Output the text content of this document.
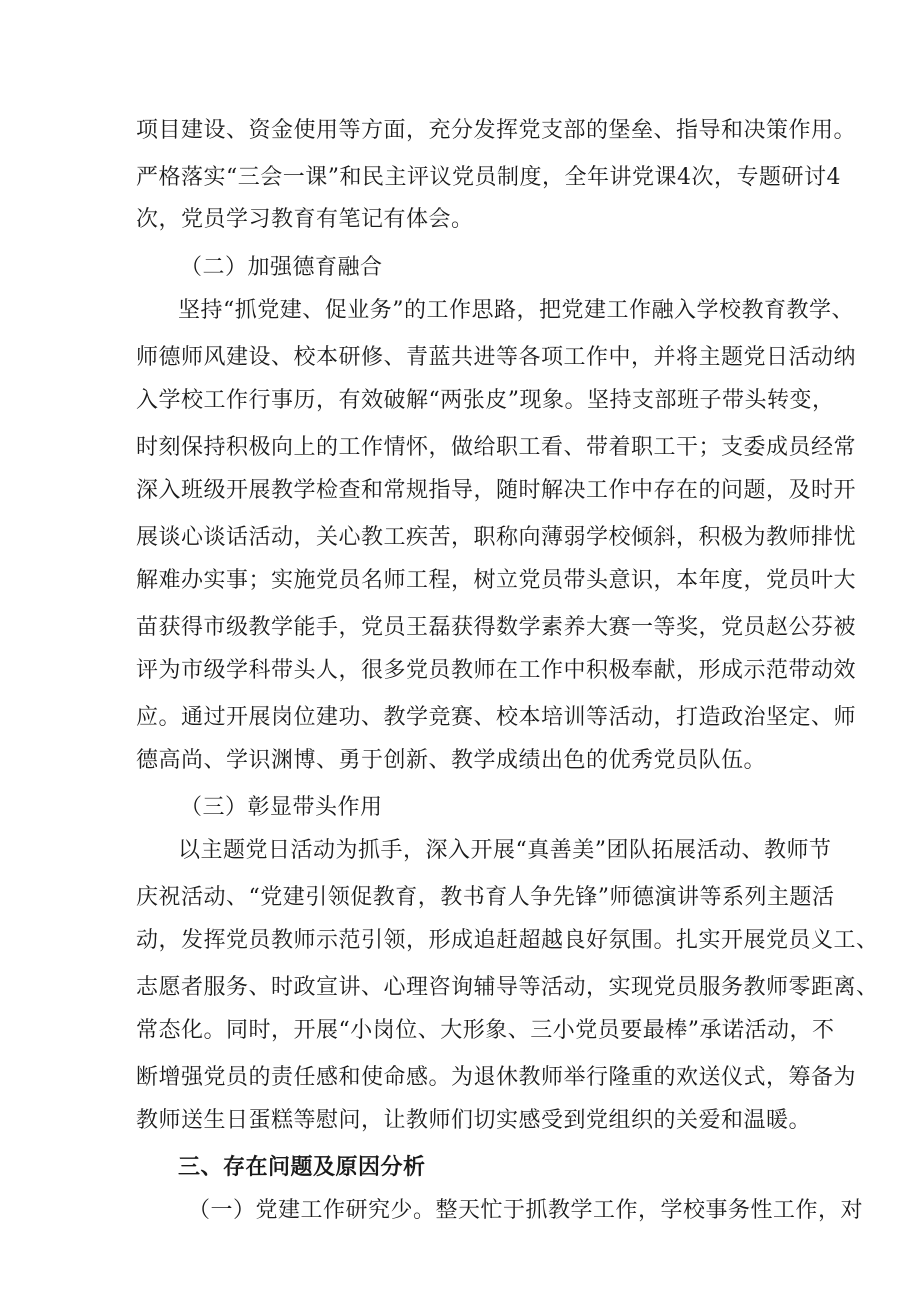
项目建设、资金使用等方面，充分发挥党支部的堡垒、指导和决策作用。
严格落实“三会一课”和民主评议党员制度，全年讲党课4次，专题研讨4
次，党员学习教育有笔记有体会。
（二）加强德育融合
坚持“抓党建、促业务”的工作思路，把党建工作融入学校教育教学、
师德师风建设、校本研修、青蓝共进等各项工作中，并将主题党日活动纳
入学校工作行事历，有效破解“两张皮”现象。坚持支部班子带头转变，
时刻保持积极向上的工作情怀，做给职工看、带着职工干；支委成员经常
深入班级开展教学检查和常规指导，随时解决工作中存在的问题，及时开
展谈心谈话活动，关心教工疾苦，职称向薄弱学校倾斜，积极为教师排忧
解难办实事；实施党员名师工程，树立党员带头意识，本年度，党员叶大
苗获得市级教学能手，党员王磊获得数学素养大赛一等奖，党员赵公芬被
评为市级学科带头人，很多党员教师在工作中积极奉献，形成示范带动效
应。通过开展岗位建功、教学竞赛、校本培训等活动，打造政治坚定、师
德高尚、学识渊博、勇于创新、教学成绩出色的优秀党员队伍。
（三）彰显带头作用
以主题党日活动为抓手，深入开展“真善美”团队拓展活动、教师节
庆祝活动、“党建引领促教育，教书育人争先锋”师德演讲等系列主题活
动，发挥党员教师示范引领，形成追赶超越良好氛围。扎实开展党员义工、
志愿者服务、时政宣讲、心理咨询辅导等活动，实现党员服务教师零距离、
常态化。同时，开展“小岗位、大形象、三小党员要最棒”承诺活动，不
断增强党员的责任感和使命感。为退休教师举行隆重的欢送仪式，筹备为
教师送生日蛋糕等慰问，让教师们切实感受到党组织的关爱和温暖。
三、存在问题及原因分析
（一）党建工作研究少。整天忙于抓教学工作，学校事务性工作，对
